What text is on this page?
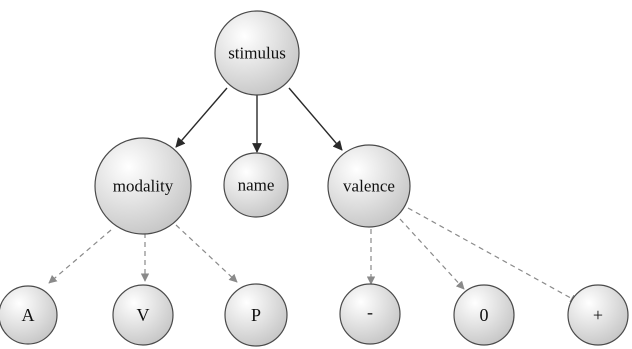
stimulus
modality	name	valence
A	V	P	-	0	+
